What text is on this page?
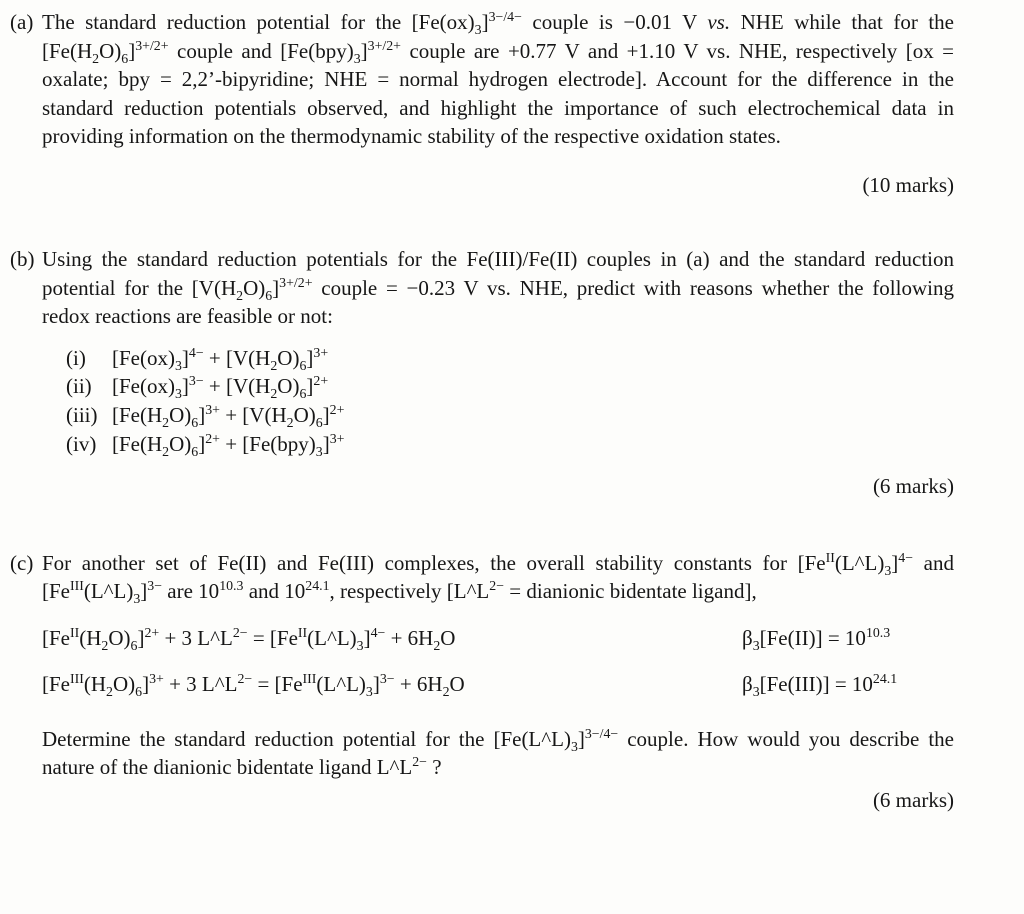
(a) The standard reduction potential for the $[Fe(ox)_3]^{3-/4-}$ couple is −0.01 V vs. NHE while that for the $[Fe(H_2O)_6]^{3+/2+}$ couple and $[Fe(bpy)_3]^{3+/2+}$ couple are +0.77 V and +1.10 V vs. NHE, respectively [ox = oxalate; bpy = 2,2’-bipyridine; NHE = normal hydrogen electrode]. Account for the difference in the standard reduction potentials observed, and highlight the importance of such electrochemical data in providing information on the thermodynamic stability of the respective oxidation states.

(10 marks)
(b) Using the standard reduction potentials for the Fe(III)/Fe(II) couples in (a) and the standard reduction potential for the $[V(H_2O)_6]^{3+/2+}$ couple = −0.23 V vs. NHE, predict with reasons whether the following redox reactions are feasible or not:

(i)	$[Fe(ox)_3]^{4-} + [V(H_2O)_6]^{3+}$
(ii) $[Fe(ox)_3]^{3-} + [V(H_2O)_6]^{2+}$
(iii) $[Fe(H_2O)_6]^{3+} + [V(H_2O)_6]^{2+}$
(iv) $[Fe(H_2O)_6]^{2+} + [Fe(bpy)_3]^{3+}$
(6 marks)
(c) For another set of Fe(II) and Fe(III) complexes, the overall stability constants for $[Fe^{II}(L\^{}L)_3]^{4-}$ and $[Fe^{III}(L\^{}L)_3]^{3-}$ are $10^{10.3}$ and $10^{24.1}$, respectively [$L\^{}L^{2-}$ = dianionic bidentate ligand],

$[Fe^{II}(H_2O)_6]^{2+} + 3$ $L\^{}L^{2-}$ = $[Fe^{II}(L\^{}L)_3]^{4-} + 6H_2O$	$\beta_3[Fe(II)] = 10^{10.3}$
$[Fe^{III}(H_2O)_6]^{3+} + 3$ $L\^{}L^{2-}$ = $[Fe^{III}(L\^{}L)_3]^{3-} + 6H_2O$	$\beta_3[Fe(III)] = 10^{24.1}$

Determine the standard reduction potential for the $[Fe(L\^{}L)_3]^{3-/4-}$ couple. How would you describe the nature of the dianionic bidentate ligand $L\^{}L^{2-}$ ?

(6 marks)
